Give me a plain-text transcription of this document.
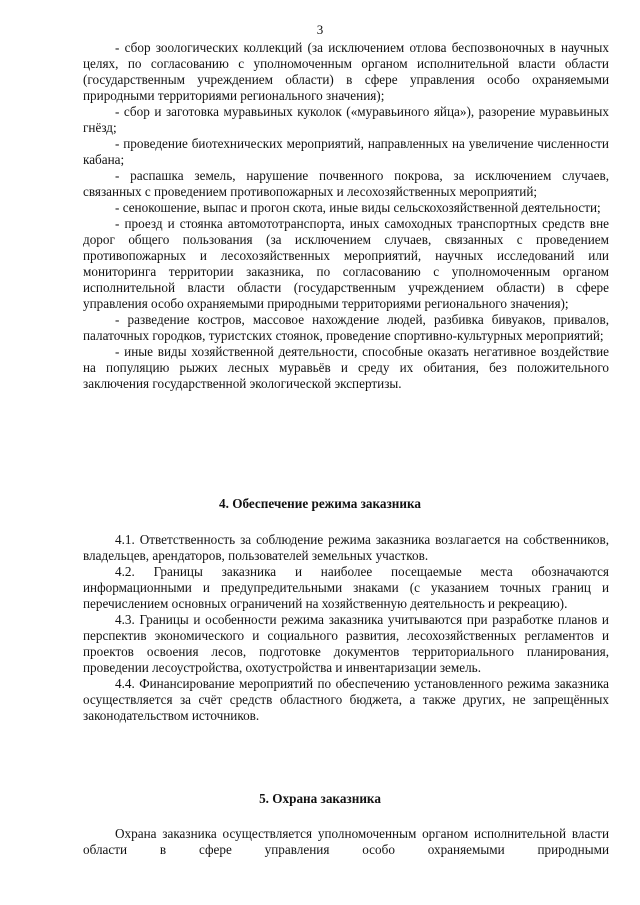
3

- сбор зоологических коллекций (за исключением отлова беспозвоночных в научных целях, по согласованию с уполномоченным органом исполнительной власти области (государственным учреждением области) в сфере управления особо охраняемыми природными территориями регионального значения);

- сбор и заготовка муравьиных куколок («муравьиного яйца»), разорение муравьиных гнёзд;

- проведение биотехнических мероприятий, направленных на увеличение численности кабана;

- распашка земель, нарушение почвенного покрова, за исключением случаев, связанных с проведением противопожарных и лесохозяйственных мероприятий;

- сенокошение, выпас и прогон скота, иные виды сельскохозяйственной деятельности;

- проезд и стоянка автомототранспорта, иных самоходных транспортных средств вне дорог общего пользования (за исключением случаев, связанных с проведением противопожарных и лесохозяйственных мероприятий, научных исследований или мониторинга территории заказника, по согласованию с уполномоченным органом исполнительной власти области (государственным учреждением области) в сфере управления особо охраняемыми природными территориями регионального значения);

- разведение костров, массовое нахождение людей, разбивка бивуаков, привалов, палаточных городков, туристских стоянок, проведение спортивно-культурных мероприятий;

- иные виды хозяйственной деятельности, способные оказать негативное воздействие на популяцию рыжих лесных муравьёв и среду их обитания, без положительного заключения государственной экологической экспертизы.

4. Обеспечение режима заказника

4.1. Ответственность за соблюдение режима заказника возлагается на собственников, владельцев, арендаторов, пользователей земельных участков.

4.2. Границы заказника и наиболее посещаемые места обозначаются информационными и предупредительными знаками (с указанием точных границ и перечислением основных ограничений на хозяйственную деятельность и рекреацию).

4.3. Границы и особенности режима заказника учитываются при разработке планов и перспектив экономического и социального развития, лесохозяйственных регламентов и проектов освоения лесов, подготовке документов территориального планирования, проведении лесоустройства, охотустройства и инвентаризации земель.

4.4. Финансирование мероприятий по обеспечению установленного режима заказника осуществляется за счёт средств областного бюджета, а также других, не запрещённых законодательством источников.

5. Охрана заказника

Охрана заказника осуществляется уполномоченным органом исполнительной власти области в сфере управления особо охраняемыми природными
